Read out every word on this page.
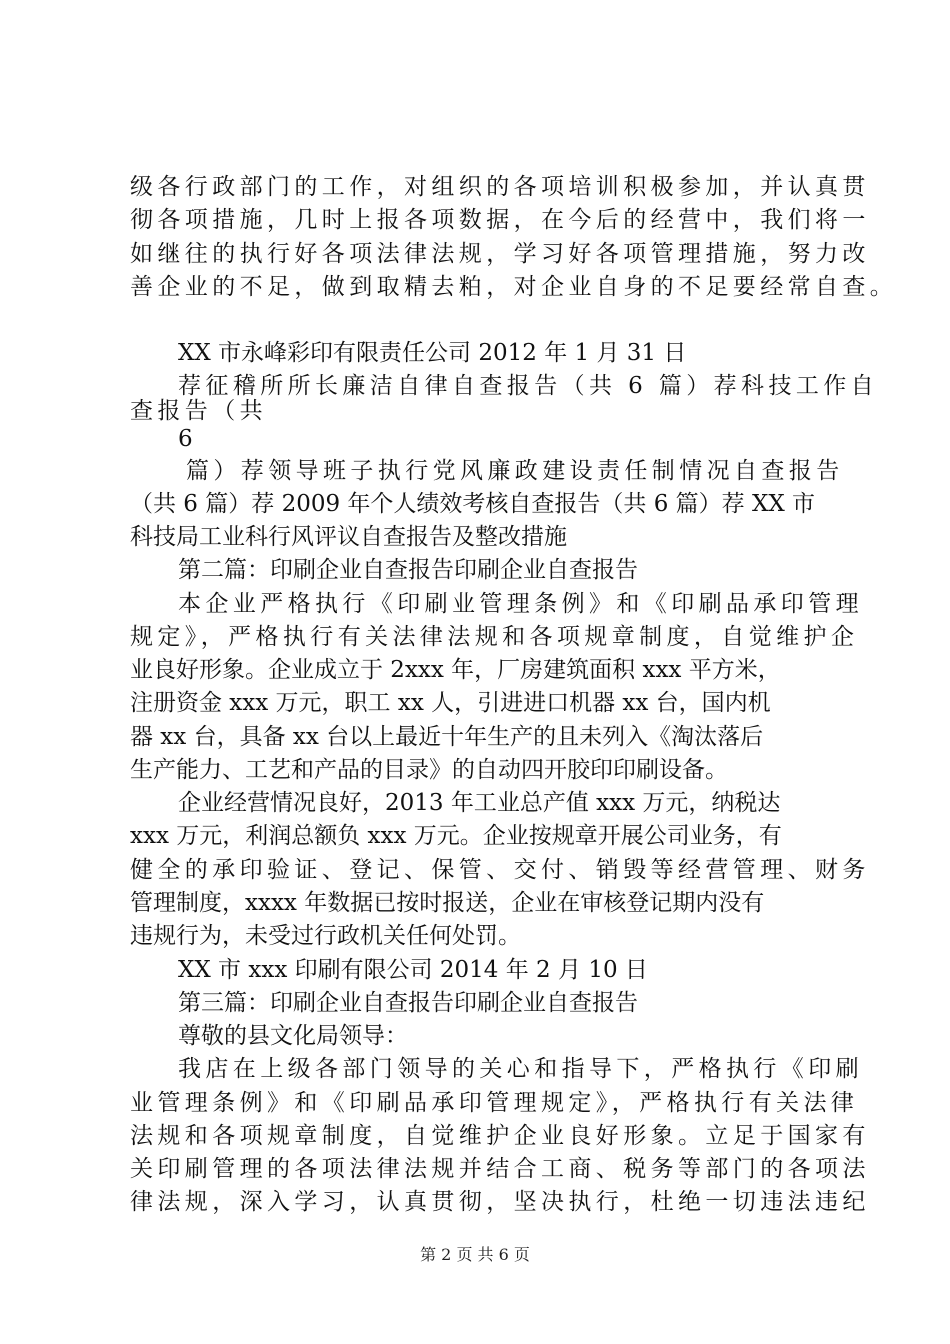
级各行政部门的工作，对组织的各项培训积极参加，并认真贯
彻各项措施，几时上报各项数据，在今后的经营中，我们将一
如继往的执行好各项法律法规，学习好各项管理措施，努力改
善企业的不足，做到取精去粕，对企业自身的不足要经常自查。
XX 市永峰彩印有限责任公司 2012 年 1 月 31 日
荐征稽所所长廉洁自律自查报告（共 6 篇）荐科技工作自
查报告（共
6
篇）荐领导班子执行党风廉政建设责任制情况自查报告
（共 6 篇）荐 2009 年个人绩效考核自查报告（共 6 篇）荐 XX 市
科技局工业科行风评议自查报告及整改措施
第二篇：印刷企业自查报告印刷企业自查报告
本企业严格执行《印刷业管理条例》和《印刷品承印管理
规定》，严格执行有关法律法规和各项规章制度，自觉维护企
业良好形象。企业成立于 2xxx 年，厂房建筑面积 xxx 平方米，
注册资金 xxx 万元，职工 xx 人，引进进口机器 xx 台，国内机
器 xx 台，具备 xx 台以上最近十年生产的且未列入《淘汰落后
生产能力、工艺和产品的目录》的自动四开胶印印刷设备。
企业经营情况良好，2013 年工业总产值 xxx 万元，纳税达
xxx 万元，利润总额负 xxx 万元。企业按规章开展公司业务，有
健全的承印验证、登记、保管、交付、销毁等经营管理、财务
管理制度，xxxx 年数据已按时报送，企业在审核登记期内没有
违规行为，未受过行政机关任何处罚。
XX 市 xxx 印刷有限公司 2014 年 2 月 10 日
第三篇：印刷企业自查报告印刷企业自查报告
尊敬的县文化局领导：
我店在上级各部门领导的关心和指导下，严格执行《印刷
业管理条例》和《印刷品承印管理规定》，严格执行有关法律
法规和各项规章制度，自觉维护企业良好形象。立足于国家有
关印刷管理的各项法律法规并结合工商、税务等部门的各项法
律法规，深入学习，认真贯彻，坚决执行，杜绝一切违法违纪
第 2 页 共 6 页
